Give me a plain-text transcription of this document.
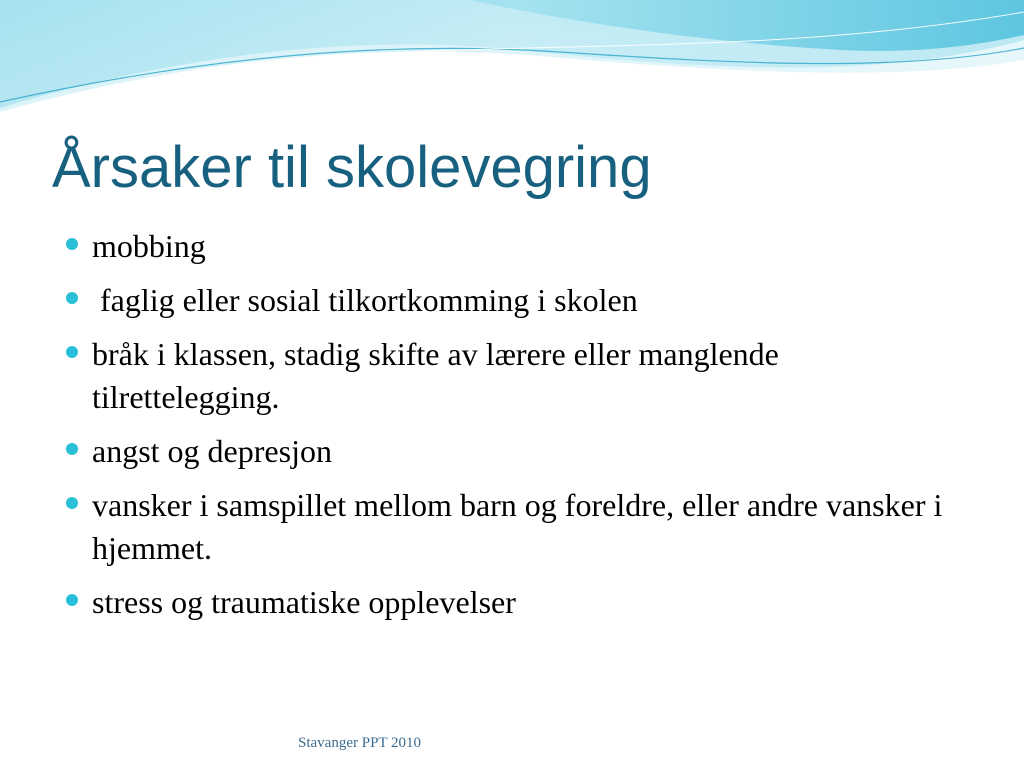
Årsaker til skolevegring
mobbing
faglig eller sosial tilkortkomming i skolen
bråk i klassen, stadig skifte av lærere eller manglende tilrettelegging.
angst og depresjon
vansker i samspillet mellom barn og foreldre, eller andre vansker i hjemmet.
stress og traumatiske opplevelser
Stavanger PPT 2010
